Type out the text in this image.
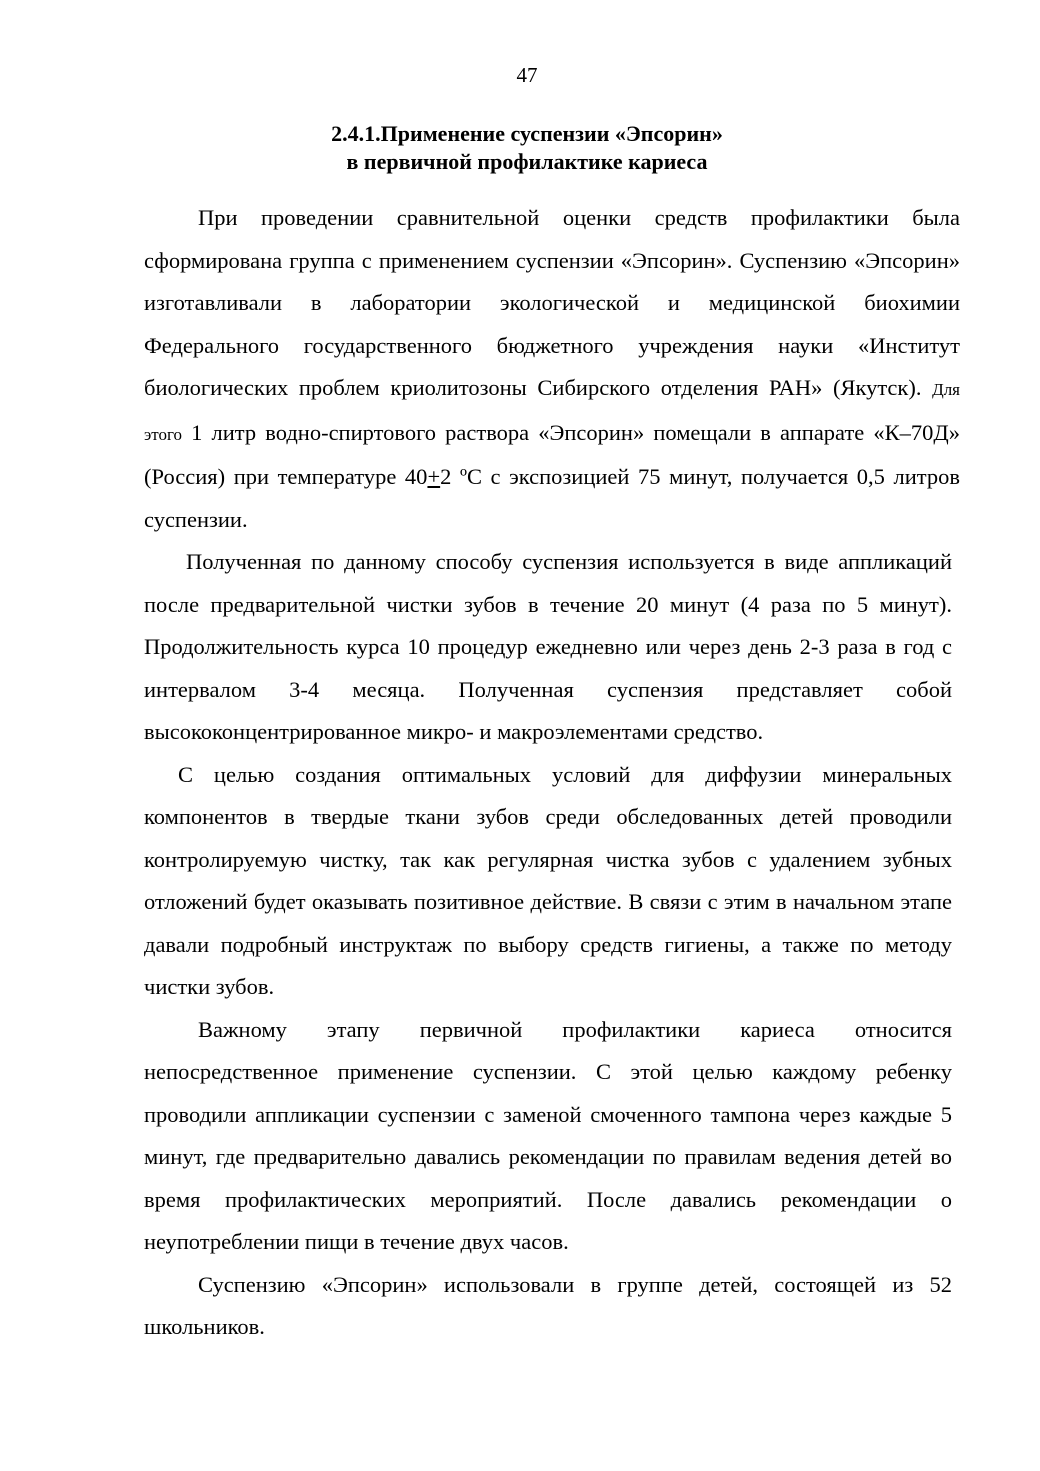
47
2.4.1.Применение суспензии «Эпсорин»
в первичной профилактике кариеса

При проведении сравнительной оценки средств профилактики была сформирована группа с применением суспензии «Эпсорин». Суспензию «Эпсорин» изготавливали в лаборатории экологической и медицинской биохимии Федерального государственного бюджетного учреждения науки «Институт биологических проблем криолитозоны Сибирского отделения РАН» (Якутск). Для этого 1 литр водно-спиртового раствора «Эпсорин» помещали в аппарате «К–70Д» (Россия) при температуре 40+2 ºС с экспозицией 75 минут, получается 0,5 литров суспензии.

Полученная по данному способу суспензия используется в виде аппликаций после предварительной чистки зубов в течение 20 минут (4 раза по 5 минут). Продолжительность курса 10 процедур ежедневно или через день 2-3 раза в год с интервалом 3-4 месяца. Полученная суспензия представляет собой высококонцентрированное микро- и макроэлементами средство.

С целью создания оптимальных условий для диффузии минеральных компонентов в твердые ткани зубов среди обследованных детей проводили контролируемую чистку, так как регулярная чистка зубов с удалением зубных отложений будет оказывать позитивное действие. В связи с этим в начальном этапе давали подробный инструктаж по выбору средств гигиены, а также по методу чистки зубов.

Важному этапу первичной профилактики кариеса относится непосредственное применение суспензии. С этой целью каждому ребенку проводили аппликации суспензии с заменой смоченного тампона через каждые 5 минут, где предварительно давались рекомендации по правилам ведения детей во время профилактических мероприятий. После давались рекомендации о неупотреблении пищи в течение двух часов.

Суспензию «Эпсорин» использовали в группе детей, состоящей из 52 школьников.
